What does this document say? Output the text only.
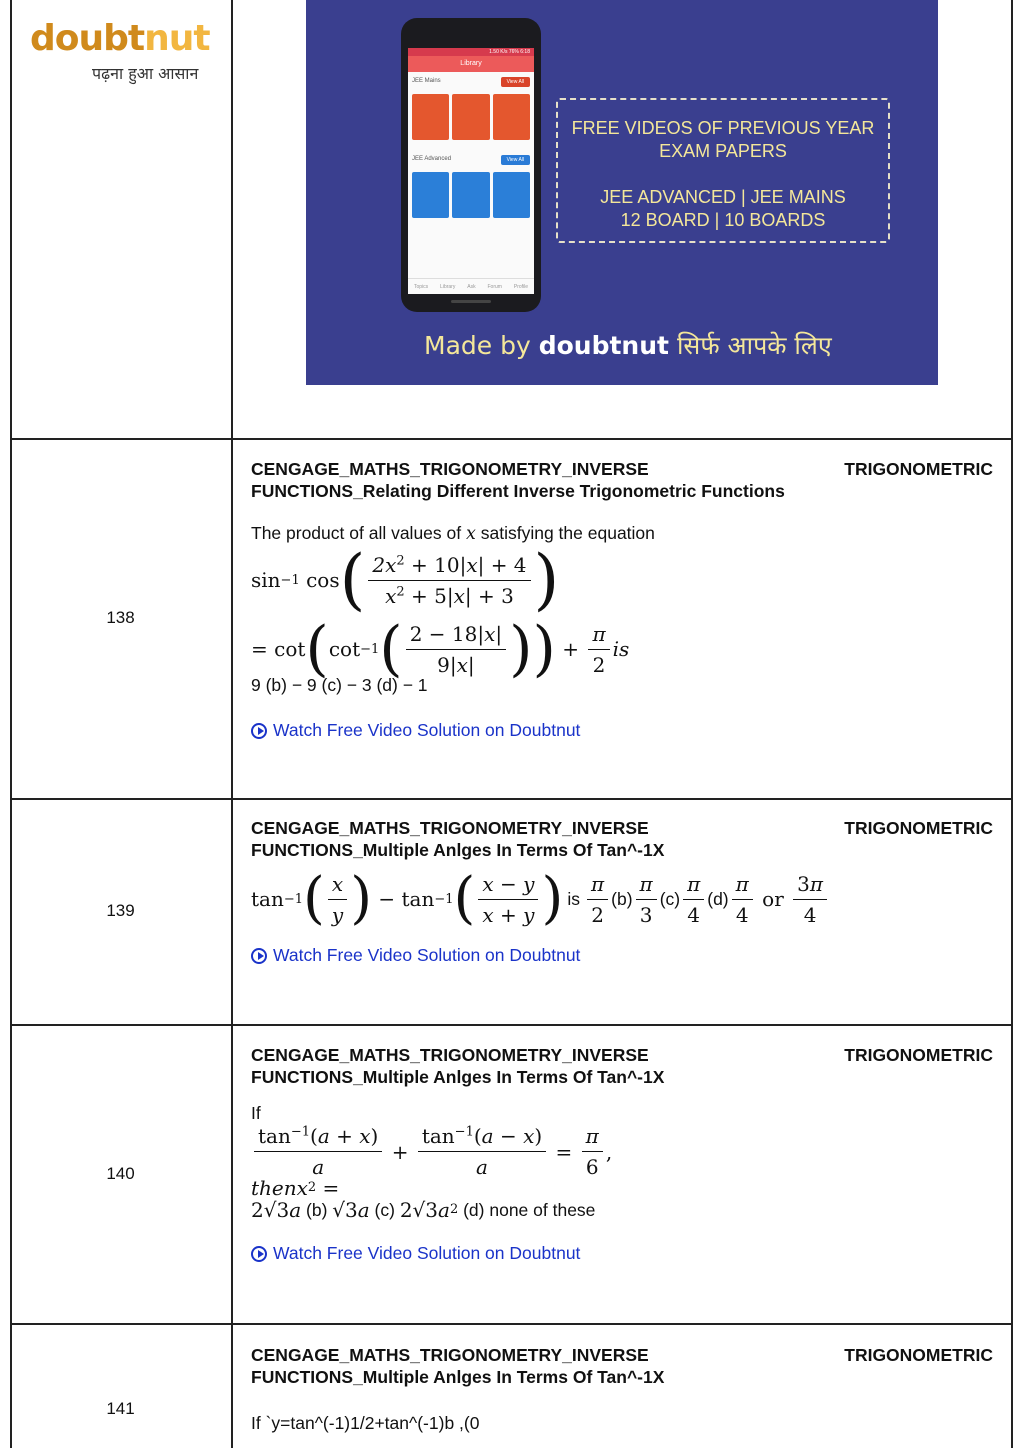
doubtnut
पढ़ना हुआ आसान
1.50 K/s 76% 6:18
Library
JEE Mains	View All
JEE Advanced	View All
Topics Library Ask Forum Profile
FREE VIDEOS OF PREVIOUS YEAR
EXAM PAPERS
JEE ADVANCED | JEE MAINS
12 BOARD | 10 BOARDS
Made by doubtnut सिर्फ आपके लिए
138
CENGAGE_MATHS_TRIGONOMETRY_INVERSE	TRIGONOMETRIC
FUNCTIONS_Relating Different Inverse Trigonometric Functions
The product of all values of x satisfying the equation
sin −1 cos ( $\frac{2x^2 + 10|x| + 4}{x^2 + 5|x| + 3}$ )
= cot ( cot −1 ( $\frac{2 - 18|x|}{9|x|}$ )) + $\frac{\pi}{2}$ is
9 (b) − 9 (c) − 3 (d) − 1
Watch Free Video Solution on Doubtnut
139
CENGAGE_MATHS_TRIGONOMETRY_INVERSE	TRIGONOMETRIC
FUNCTIONS_Multiple Anlges In Terms Of Tan^-1X
tan −1 ( $\frac{x}{y}$ ) − tan −1 ( $\frac{x - y}{x + y}$ ) is $\frac{\pi}{2} (b) \frac{\pi}{3} (c) \frac{\pi}{4} (d) \frac{\pi}{4}$ or $\frac{3\pi}{4}$
Watch Free Video Solution on Doubtnut
140
CENGAGE_MATHS_TRIGONOMETRY_INVERSE	TRIGONOMETRIC
FUNCTIONS_Multiple Anlges In Terms Of Tan^-1X
If
$\frac{\tan^{-1}(a + x)}{a} + \frac{\tan^{-1}(a - x)}{a} = \frac{\pi}{6}$ ,
thenx 2 =
2√3 a (b) √3 a (c) 2√3 a 2
(d) none of these
Watch Free Video Solution on Doubtnut
141
CENGAGE_MATHS_TRIGONOMETRY_INVERSE	TRIGONOMETRIC
FUNCTIONS_Multiple Anlges In Terms Of Tan^-1X
If `y=tan^(-1)1/2+tan^(-1)b ,(0
